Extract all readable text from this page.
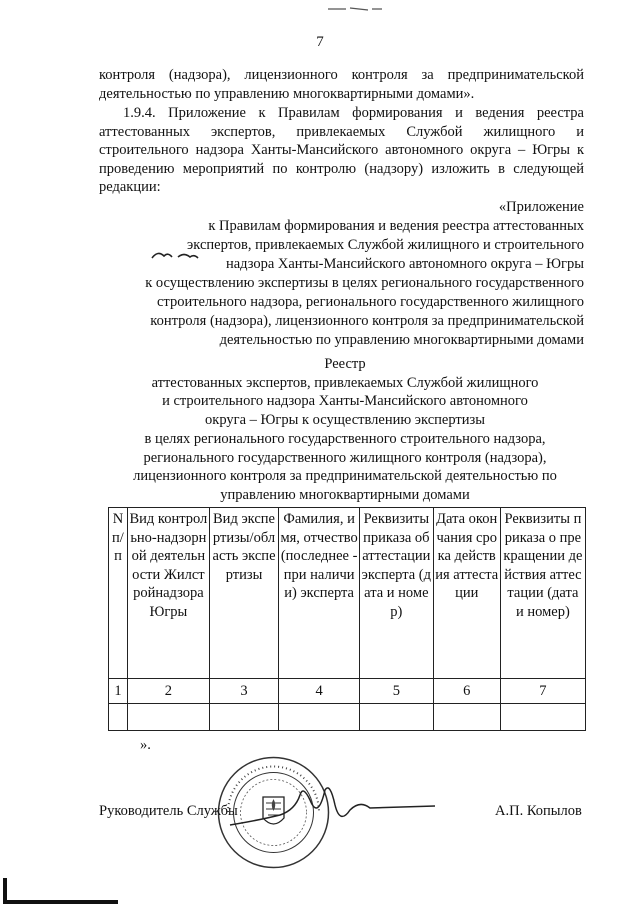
7

контроля (надзора), лицензионного контроля за предпринимательской деятельностью по управлению многоквартирными домами».

1.9.4. Приложение к Правилам формирования и ведения реестра аттестованных экспертов, привлекаемых Службой жилищного и строительного надзора Ханты-Мансийского автономного округа – Югры к проведению мероприятий по контролю (надзору) изложить в следующей редакции:

«Приложение
к Правилам формирования и ведения реестра аттестованных
экспертов, привлекаемых Службой жилищного и строительного
надзора Ханты-Мансийского автономного округа – Югры
к осуществлению экспертизы в целях регионального государственного
строительного надзора, регионального государственного жилищного
контроля (надзора), лицензионного контроля за предпринимательской
деятельностью по управлению многоквартирными домами
Реестр
аттестованных экспертов, привлекаемых Службой жилищного
и строительного надзора Ханты-Мансийского автономного
округа – Югры к осуществлению экспертизы
в целях регионального государственного строительного надзора,
регионального государственного жилищного контроля (надзора),
лицензионного контроля за предпринимательской деятельностью по
управлению многоквартирными домами
N п/п	Вид контрольно-надзорной деятельности Жилстройнадзора Югры	Вид экспертизы/область экспертизы	Фамилия, имя, отчество (последнее - при наличии) эксперта	Реквизиты приказа об аттестации эксперта (дата и номер)	Дата окончания срока действия аттестации	Реквизиты приказа о прекращении действия аттестации (дата и номер)
1	2	3	4	5	6	7

».
Руководитель Службы	А.П. Копылов
